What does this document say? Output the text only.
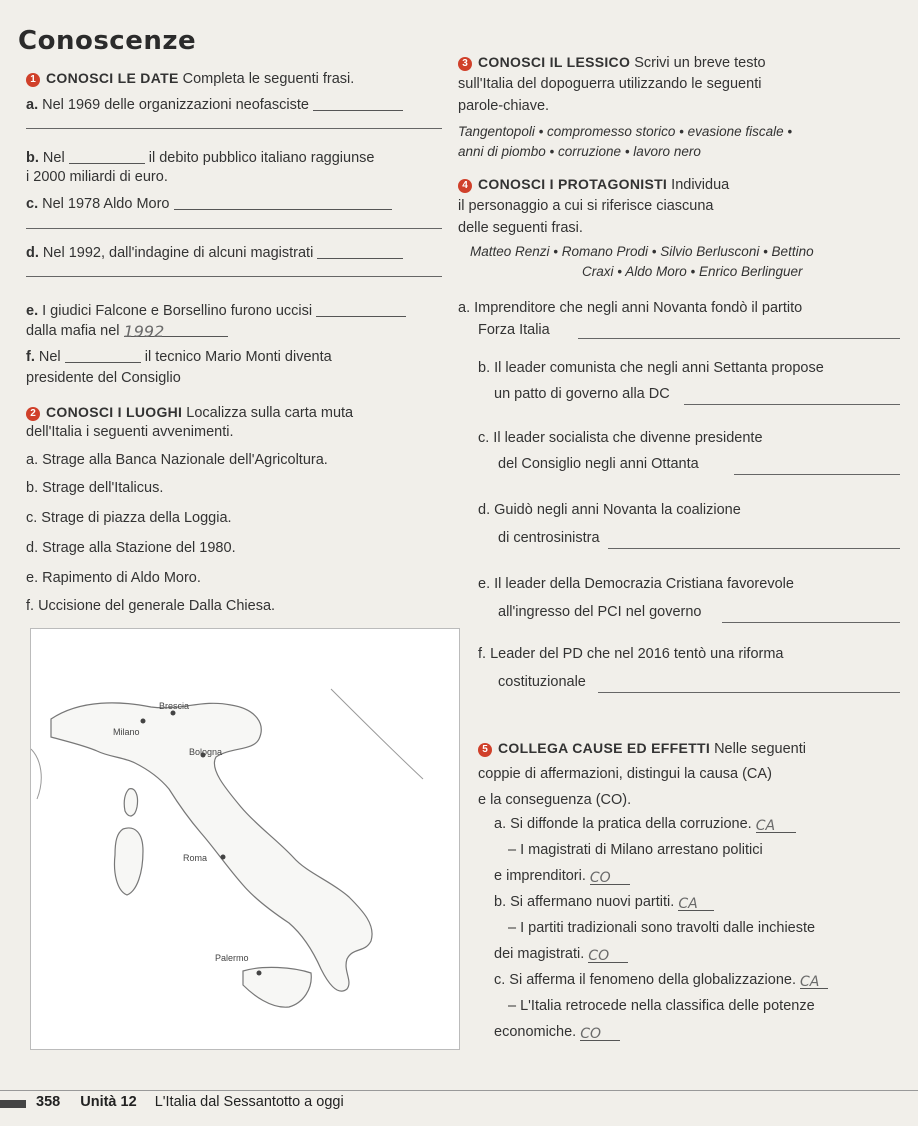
Conoscenze
1 CONOSCI LE DATE Completa le seguenti frasi.
a. Nel 1969 delle organizzazioni neofasciste
b. Nel	il debito pubblico italiano raggiunse
i 2000 miliardi di euro.
c. Nel 1978 Aldo Moro
d. Nel 1992, dall'indagine di alcuni magistrati
e. I giudici Falcone e Borsellino furono uccisi
dalla mafia nel 1992
f. Nel	il tecnico Mario Monti diventa
presidente del Consiglio
2 CONOSCI I LUOGHI Localizza sulla carta muta
dell'Italia i seguenti avvenimenti.
a. Strage alla Banca Nazionale dell'Agricoltura.
b. Strage dell'Italicus.
c. Strage di piazza della Loggia.
d. Strage alla Stazione del 1980.
e. Rapimento di Aldo Moro.
f. Uccisione del generale Dalla Chiesa.
Milano
Brescia
Bologna
Roma
Palermo
3 CONOSCI IL LESSICO Scrivi un breve testo
sull'Italia del dopoguerra utilizzando le seguenti
parole-chiave.
Tangentopoli • compromesso storico • evasione fiscale •
anni di piombo • corruzione • lavoro nero
4 CONOSCI I PROTAGONISTI Individua
il personaggio a cui si riferisce ciascuna
delle seguenti frasi.
Matteo Renzi • Romano Prodi • Silvio Berlusconi • Bettino
Craxi • Aldo Moro • Enrico Berlinguer
a. Imprenditore che negli anni Novanta fondò il partito
Forza Italia
b. Il leader comunista che negli anni Settanta propose
un patto di governo alla DC
c. Il leader socialista che divenne presidente
del Consiglio negli anni Ottanta
d. Guidò negli anni Novanta la coalizione
di centrosinistra
e. Il leader della Democrazia Cristiana favorevole
all'ingresso del PCI nel governo
f. Leader del PD che nel 2016 tentò una riforma
costituzionale
5 COLLEGA CAUSE ED EFFETTI Nelle seguenti
coppie di affermazioni, distingui la causa (CA)
e la conseguenza (CO).
a. Si diffonde la pratica della corruzione. CA
– I magistrati di Milano arrestano politici
e imprenditori. CO
b. Si affermano nuovi partiti. CA
– I partiti tradizionali sono travolti dalle inchieste
dei magistrati. CO
c. Si afferma il fenomeno della globalizzazione. CA
– L'Italia retrocede nella classifica delle potenze
economiche. CO
358 Unità 12 L'Italia dal Sessantotto a oggi
